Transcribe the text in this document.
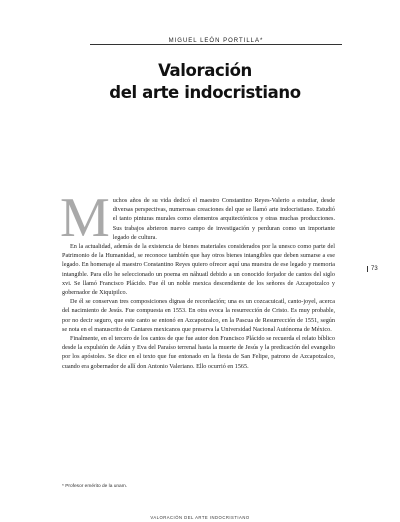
MIGUEL LEÓN PORTILLA*
Valoración
del arte indocristiano
M uchos años de su vida dedicó el maestro Constantino Reyes-Valerio a estudiar, desde diversas perspectivas, numerosas creaciones del que se llamó arte indocristiano. Estudió el tanto pinturas murales como elementos arquitectónicos y otras muchas producciones. Sus trabajos abrieron nuevo campo de investigación y perduran como un importante legado de cultura.

En la actualidad, además de la existencia de bienes materiales considerados por la unesco como parte del Patrimonio de la Humanidad, se reconoce también que hay otros bienes intangibles que deben sumarse a ese legado. En homenaje al maestro Constantino Reyes quiero ofrecer aquí una muestra de ese legado y memoria intangible. Para ello he seleccionado un poema en náhuatl debido a un conocido forjador de cantos del siglo xvi. Se llamó Francisco Plácido. Fue él un noble mexica descendiente de los señores de Azcapotzalco y gobernador de Xiquipilco.

De él se conservan tres composiciones dignas de recordación; una es un cozcacuicatl, canto-joyel, acerca del nacimiento de Jesús. Fue compuesta en 1553. En otra evoca la resurrección de Cristo. Es muy probable, por no decir seguro, que este canto se entonó en Azcapotzalco, en la Pascua de Resurrección de 1551, según se nota en el manuscrito de Cantares mexicanos que preserva la Universidad Nacional Autónoma de México.

Finalmente, en el tercero de los cantos de que fue autor don Francisco Plácido se recuerda el relato bíblico desde la expulsión de Adán y Eva del Paraíso terrenal hasta la muerte de Jesús y la predicación del evangelio por los apóstoles. Se dice en el texto que fue entonado en la fiesta de San Felipe, patrono de Azcapotzalco, cuando era gobernador de allí don Antonio Valeriano. Ello ocurrió en 1565.

73
* Profesor emérito de la unam.
VALORACIÓN DEL ARTE INDOCRISTIANO
